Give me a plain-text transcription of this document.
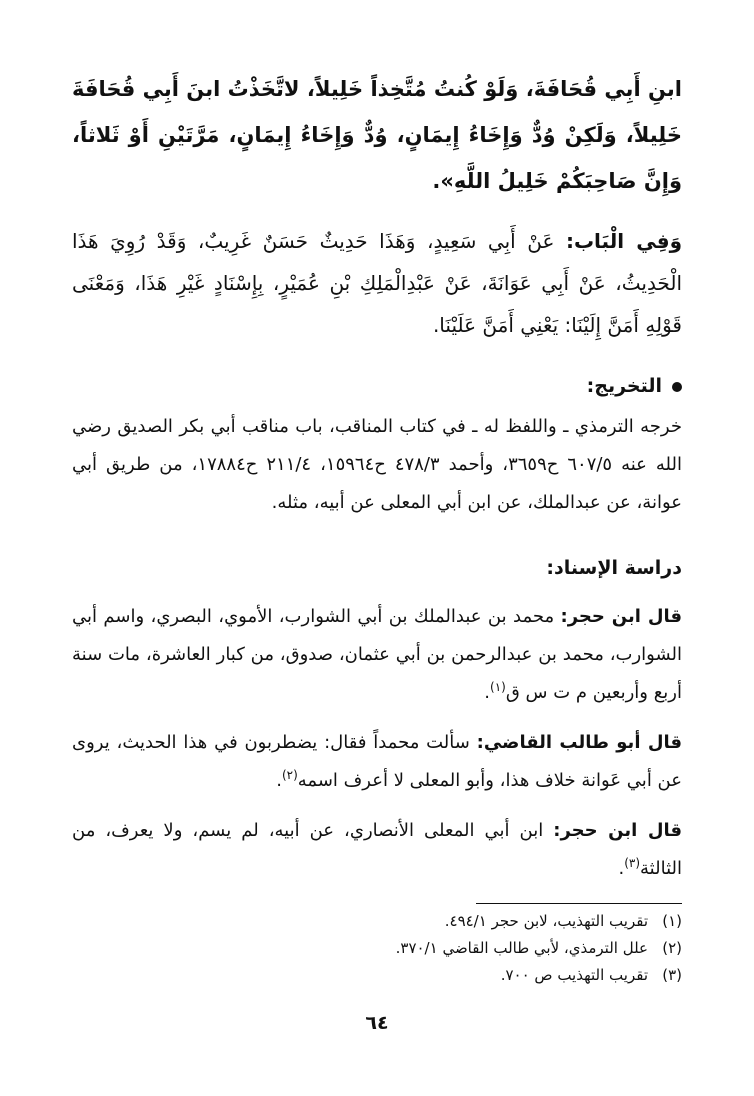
ابنِ أَبِي قُحَافَةَ، وَلَوْ كُنتُ مُتَّخِذاً خَلِيلاً، لاتَّخَذْتُ ابنَ أَبِي قُحَافَةَ خَلِيلاً، وَلَكِنْ وُدٌّ وَإِخَاءُ إِيمَانٍ، وُدٌّ وَإِخَاءُ إِيمَانٍ، مَرَّتَيْنِ أَوْ ثَلاثاً، وَإِنَّ صَاحِبَكُمْ خَلِيلُ اللَّهِ».

وَفِي الْبَاب: عَنْ أَبِي سَعِيدٍ، وَهَذَا حَدِيثٌ حَسَنٌ غَرِيبٌ، وَقَدْ رُوِيَ هَذَا الْحَدِيثُ، عَنْ أَبِي عَوَانَةَ، عَنْ عَبْدِالْمَلِكِ بْنِ عُمَيْرٍ، بِإِسْنَادٍ غَيْرِ هَذَا، وَمَعْنَى قَوْلِهِ أَمَنَّ إِلَيْنَا: يَعْنِي أَمَنَّ عَلَيْنَا.

التخريج:

خرجه الترمذي ـ واللفظ له ـ في كتاب المناقب، باب مناقب أبي بكر الصديق رضي الله عنه ٦٠٧/٥ ح٣٦٥٩، وأحمد ٤٧٨/٣ ح١٥٩٦٤، ٢١١/٤ ح١٧٨٨٤، من طريق أبي عوانة، عن عبدالملك، عن ابن أبي المعلى عن أبيه، مثله.

دراسة الإسناد:

قال ابن حجر: محمد بن عبدالملك بن أبي الشوارب، الأموي، البصري، واسم أبي الشوارب، محمد بن عبدالرحمن بن أبي عثمان، صدوق، من كبار العاشرة، مات سنة أربع وأربعين م ت س ق$^{(١)}$.

قال أبو طالب القاضي: سألت محمداً فقال: يضطربون في هذا الحديث، يروى عن أبي عَوانة خلاف هذا، وأبو المعلى لا أعرف اسمه$^{(٢)}$.

قال ابن حجر: ابن أبي المعلى الأنصاري، عن أبيه، لم يسم، ولا يعرف، من الثالثة$^{(٣)}$.

(١)تقريب التهذيب، لابن حجر ٤٩٤/١.

(٢)علل الترمذي، لأبي طالب القاضي ٣٧٠/١.

(٣)تقريب التهذيب ص ٧٠٠.

٦٤
